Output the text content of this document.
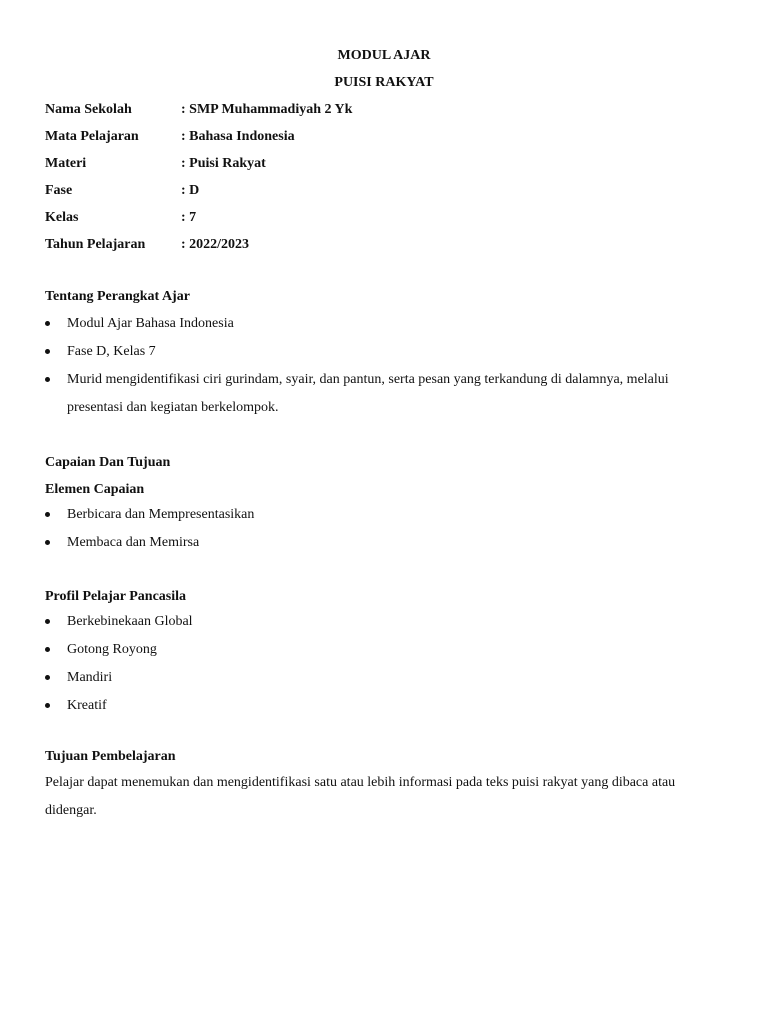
MODUL AJAR
PUISI RAKYAT
Nama Sekolah	: SMP Muhammadiyah 2 Yk
Mata Pelajaran	: Bahasa Indonesia
Materi	: Puisi Rakyat
Fase	: D
Kelas	: 7
Tahun Pelajaran	: 2022/2023
Tentang Perangkat Ajar
Modul Ajar Bahasa Indonesia
Fase D, Kelas 7
Murid mengidentifikasi ciri gurindam, syair, dan pantun, serta pesan yang terkandung di dalamnya, melalui presentasi dan kegiatan berkelompok.
Capaian Dan Tujuan
Elemen Capaian
Berbicara dan Mempresentasikan
Membaca dan Memirsa
Profil Pelajar Pancasila
Berkebinekaan Global
Gotong Royong
Mandiri
Kreatif
Tujuan Pembelajaran
Pelajar dapat menemukan dan mengidentifikasi satu atau lebih informasi pada teks puisi rakyat yang dibaca atau didengar.
